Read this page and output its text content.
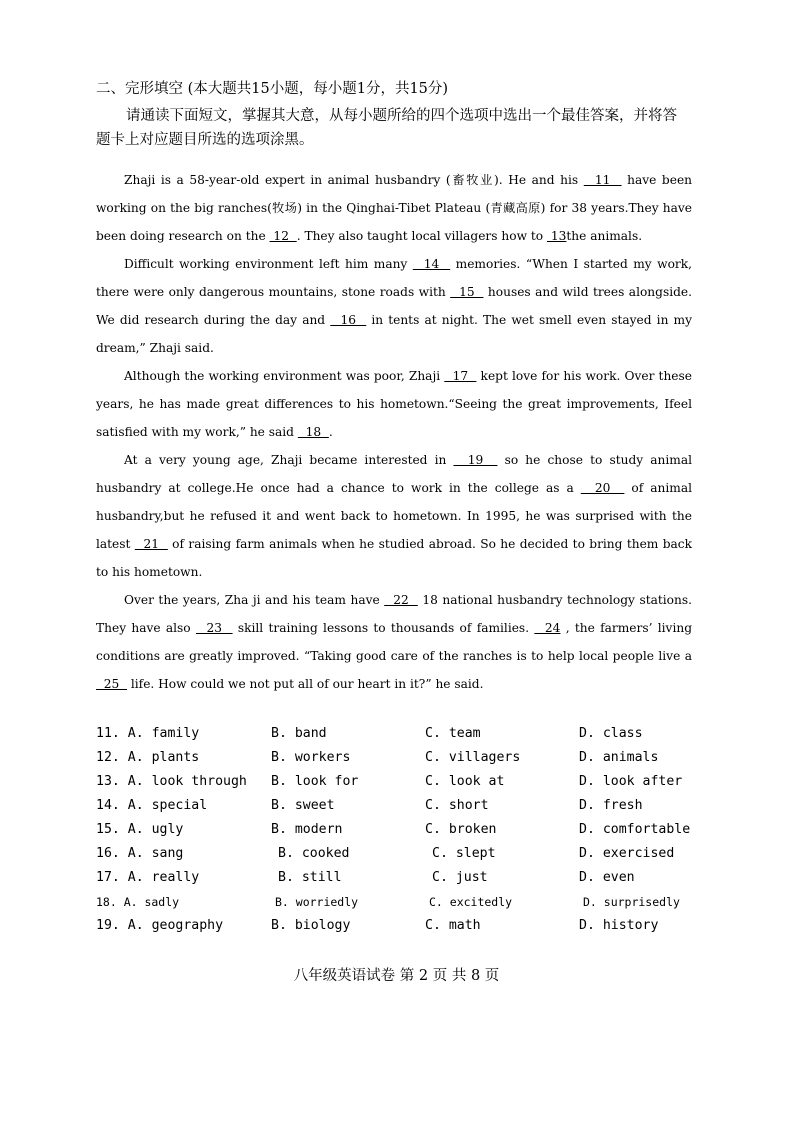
二、完形填空 (本大题共15小题，每小题1分，共15分)
请通读下面短文，掌握其大意，从每小题所给的四个选项中选出一个最佳答案，并将答
题卡上对应题目所选的选项涂黑。

Zhaji is a 58-year-old expert in animal husbandry (畜牧业). He and his   11   have been working on the big ranches(牧场) in the Qinghai-Tibet Plateau (青藏高原) for 38 years.They have been doing research on the  12  . They also taught local villagers how to  13the animals.

Difficult working environment left him many   14   memories. “When I started my work, there were only dangerous mountains, stone roads with   15   houses and wild trees alongside. We did research during the day and   16   in tents at night. The wet smell even stayed in my dream,” Zhaji said.

Although the working environment was poor, Zhaji   17   kept love for his work. Over these years, he has made great differences to his hometown.“Seeing the great improvements, Ifeel satisfied with my work,” he said   18  .

At a very young age, Zhaji became interested in   19   so he chose to study animal husbandry at college.He once had a chance to work in the college as a   20   of animal husbandry,but he refused it and went back to hometown. In 1995, he was surprised with the latest   21   of raising farm animals when he studied abroad. So he decided to bring them back to his hometown.

Over the years, Zha ji and his team have   22   18 national husbandry technology stations. They have also   23   skill training lessons to thousands of families.   24 , the farmers’ living conditions are greatly improved. “Taking good care of the ranches is to help local people live a   25   life. How could we not put all of our heart in it?” he said.

11. A. family	B. band	C. team	D. class
12. A. plants	B. workers	C. villagers	D. animals
13. A. look through B. look for	C. look at	D. look after
14. A. special	B. sweet	C. short	D. fresh
15. A. ugly	B. modern	C. broken	D. comfortable
16. A. sang	B. cooked	C. slept	D. exercised
17. A. really	B. still	C. just	D. even
18. A. sadly	B. worriedly	C. excitedly	D. surprisedly
19. A. geography	B. biology	C. math	D. history
八年级英语试卷 第 2 页 共 8 页
